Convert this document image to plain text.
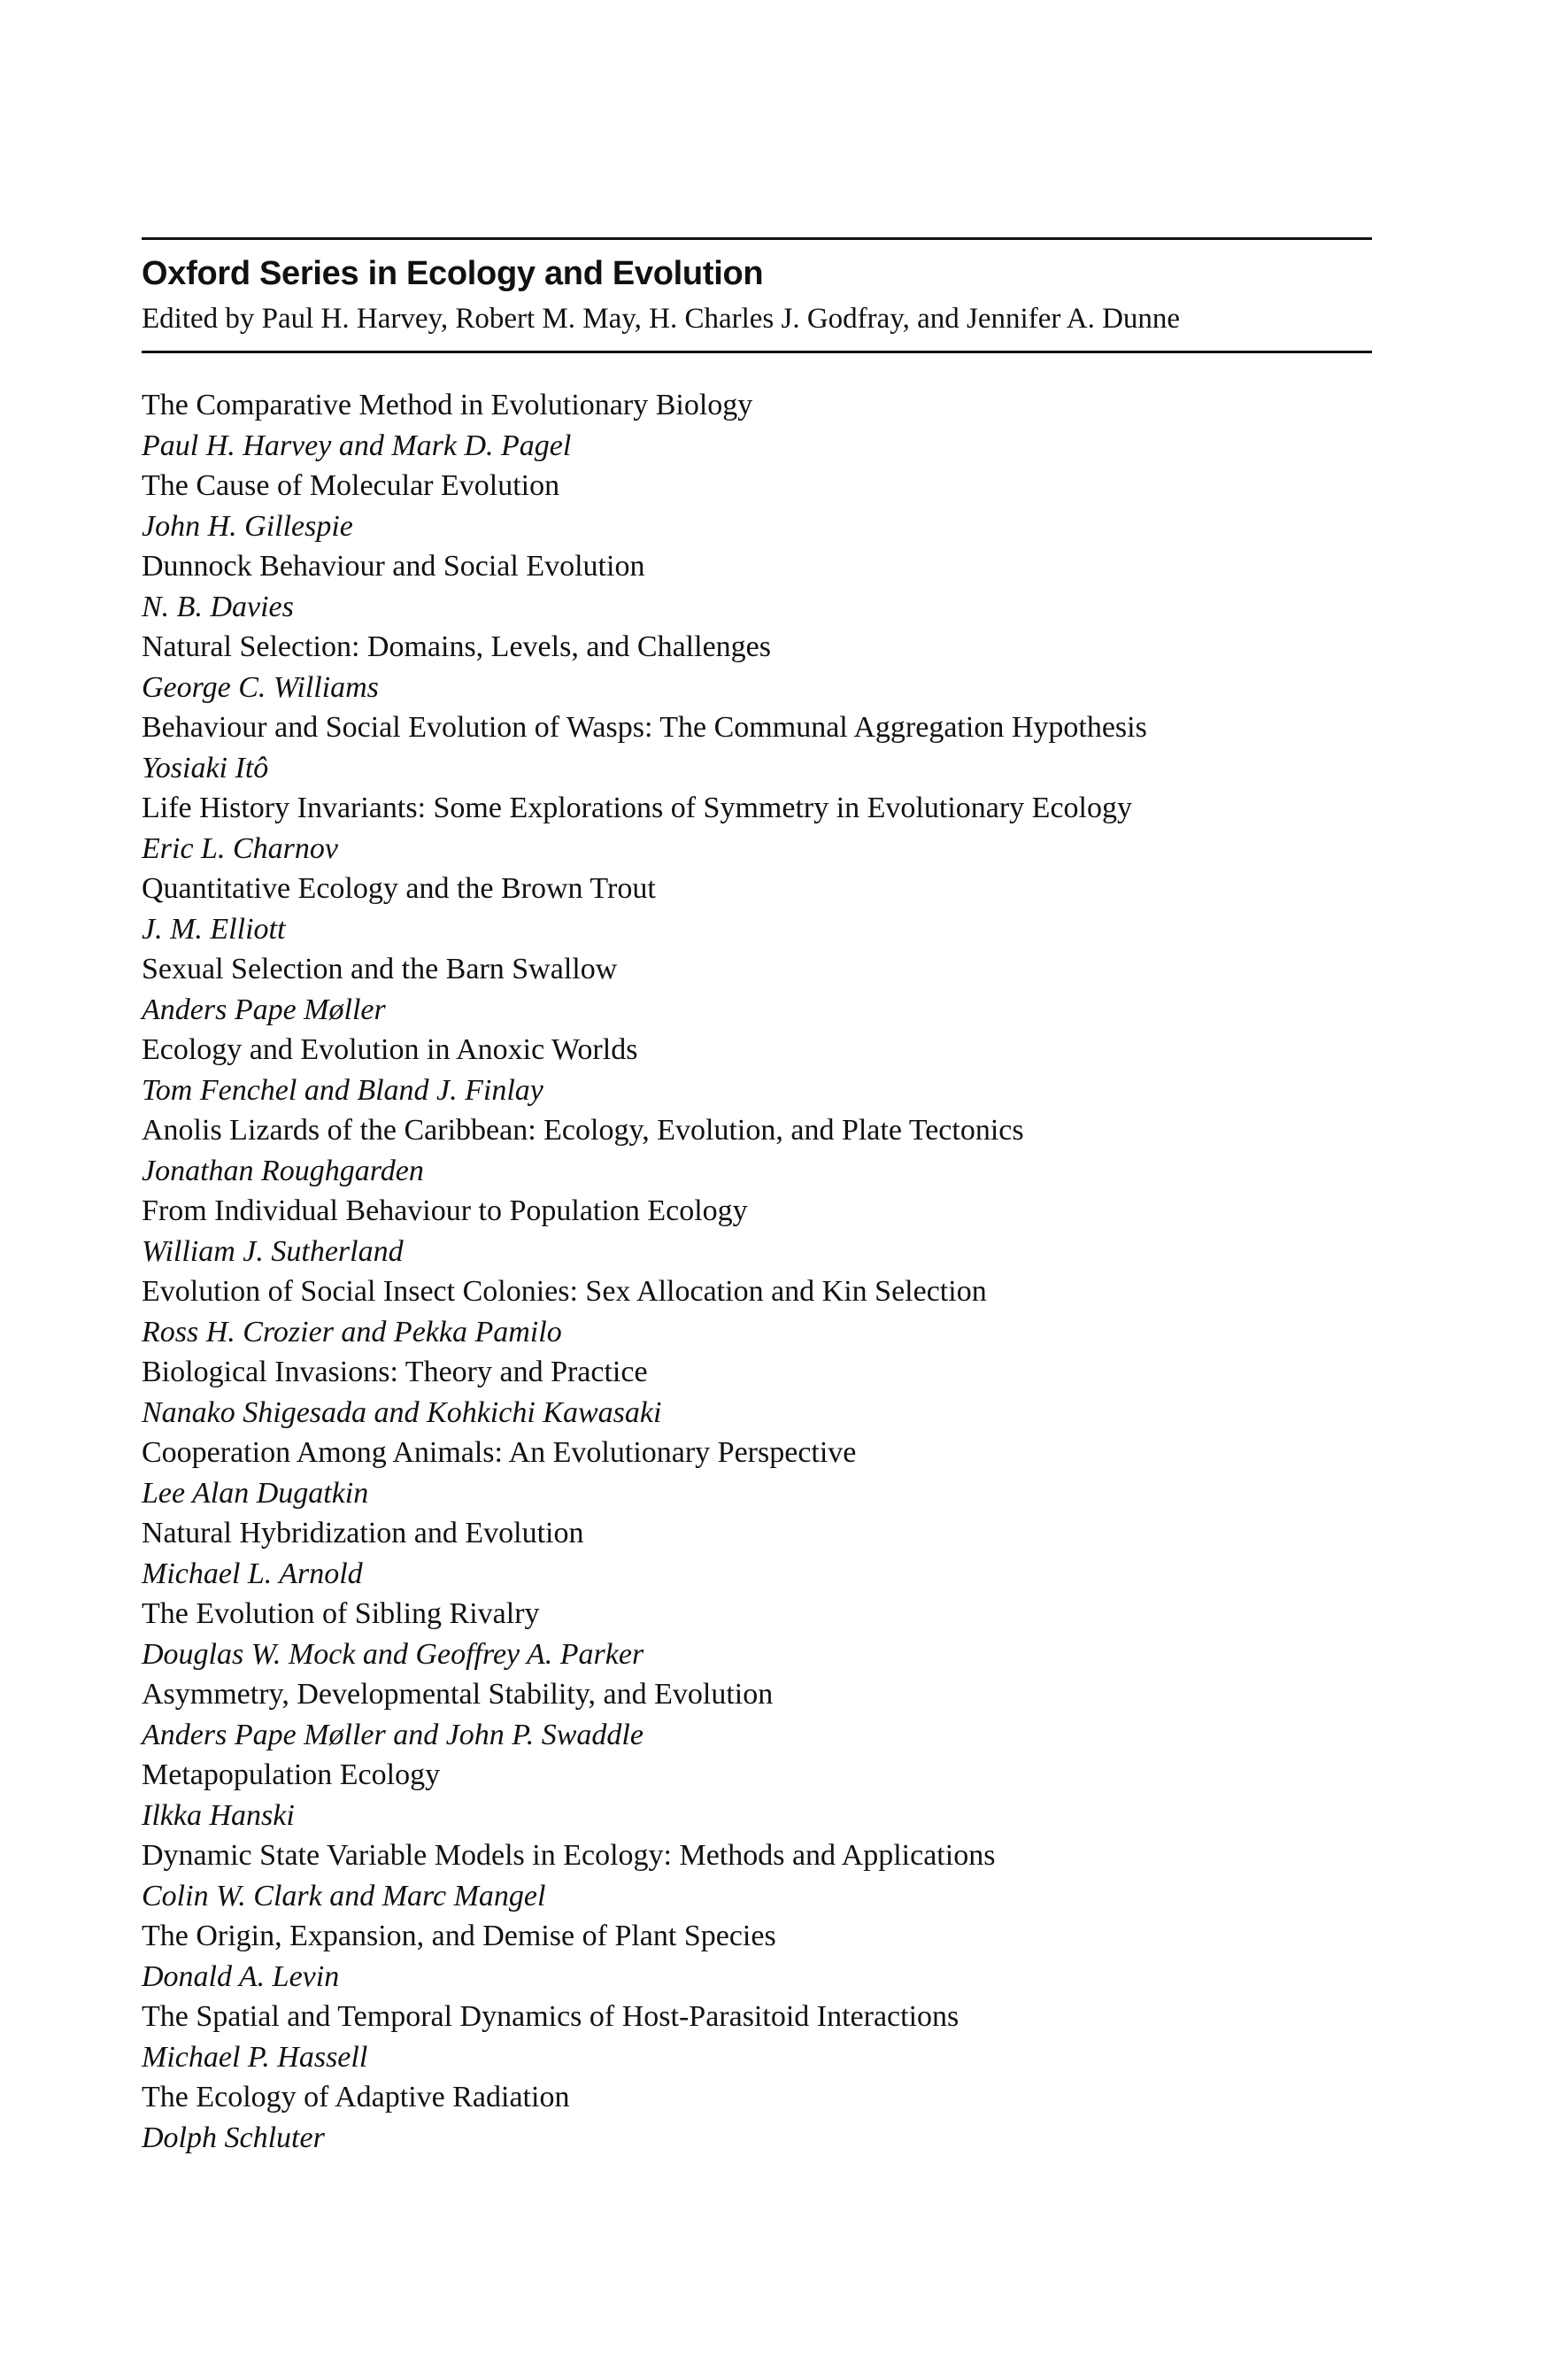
Oxford Series in Ecology and Evolution
Edited by Paul H. Harvey, Robert M. May, H. Charles J. Godfray, and Jennifer A. Dunne
The Comparative Method in Evolutionary Biology
Paul H. Harvey and Mark D. Pagel
The Cause of Molecular Evolution
John H. Gillespie
Dunnock Behaviour and Social Evolution
N. B. Davies
Natural Selection: Domains, Levels, and Challenges
George C. Williams
Behaviour and Social Evolution of Wasps: The Communal Aggregation Hypothesis
Yosiaki Itô
Life History Invariants: Some Explorations of Symmetry in Evolutionary Ecology
Eric L. Charnov
Quantitative Ecology and the Brown Trout
J. M. Elliott
Sexual Selection and the Barn Swallow
Anders Pape Møller
Ecology and Evolution in Anoxic Worlds
Tom Fenchel and Bland J. Finlay
Anolis Lizards of the Caribbean: Ecology, Evolution, and Plate Tectonics
Jonathan Roughgarden
From Individual Behaviour to Population Ecology
William J. Sutherland
Evolution of Social Insect Colonies: Sex Allocation and Kin Selection
Ross H. Crozier and Pekka Pamilo
Biological Invasions: Theory and Practice
Nanako Shigesada and Kohkichi Kawasaki
Cooperation Among Animals: An Evolutionary Perspective
Lee Alan Dugatkin
Natural Hybridization and Evolution
Michael L. Arnold
The Evolution of Sibling Rivalry
Douglas W. Mock and Geoffrey A. Parker
Asymmetry, Developmental Stability, and Evolution
Anders Pape Møller and John P. Swaddle
Metapopulation Ecology
Ilkka Hanski
Dynamic State Variable Models in Ecology: Methods and Applications
Colin W. Clark and Marc Mangel
The Origin, Expansion, and Demise of Plant Species
Donald A. Levin
The Spatial and Temporal Dynamics of Host-Parasitoid Interactions
Michael P. Hassell
The Ecology of Adaptive Radiation
Dolph Schluter
